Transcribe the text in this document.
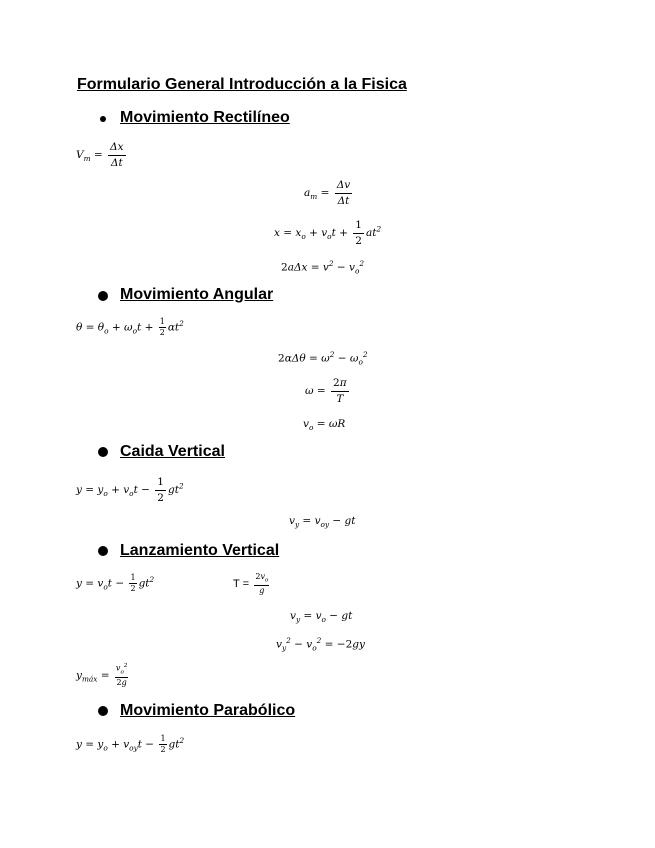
Formulario General Introducción a la Fisica
Movimiento Rectilíneo
$V_m = \frac{\Delta x}{\Delta t}$
$a_m = \frac{\Delta v}{\Delta t}$
$x = x_o + v_ot + \frac{1}{2} at^2$
$2a\Delta x = v^2 - v_o^2$
Movimiento Angular
$\theta = \theta_o + \omega_ot + \frac{1}{2} \alpha t^2$
$2\alpha\Delta\theta = \omega^2 - \omega_o^2$
$\omega = \frac{2\pi}{T}$
$v_o = \omega R$
Caida Vertical
$y = y_o + v_ot - \frac{1}{2} gt^2$
$v_y = v_{oy}$ − gt
Lanzamiento Vertical
$y = v_ot - \frac{1}{2} gt^2$	$T = \frac{2v_o}{g}$
$v_y = v_o$ − gt
$v_y^2 - v_o^2 = -2gy$
$y_{máx} = \frac{v_o^2}{2g}$
Movimiento Parabólico
$y = y_o + v_{oy}t - \frac{1}{2} gt^2$
